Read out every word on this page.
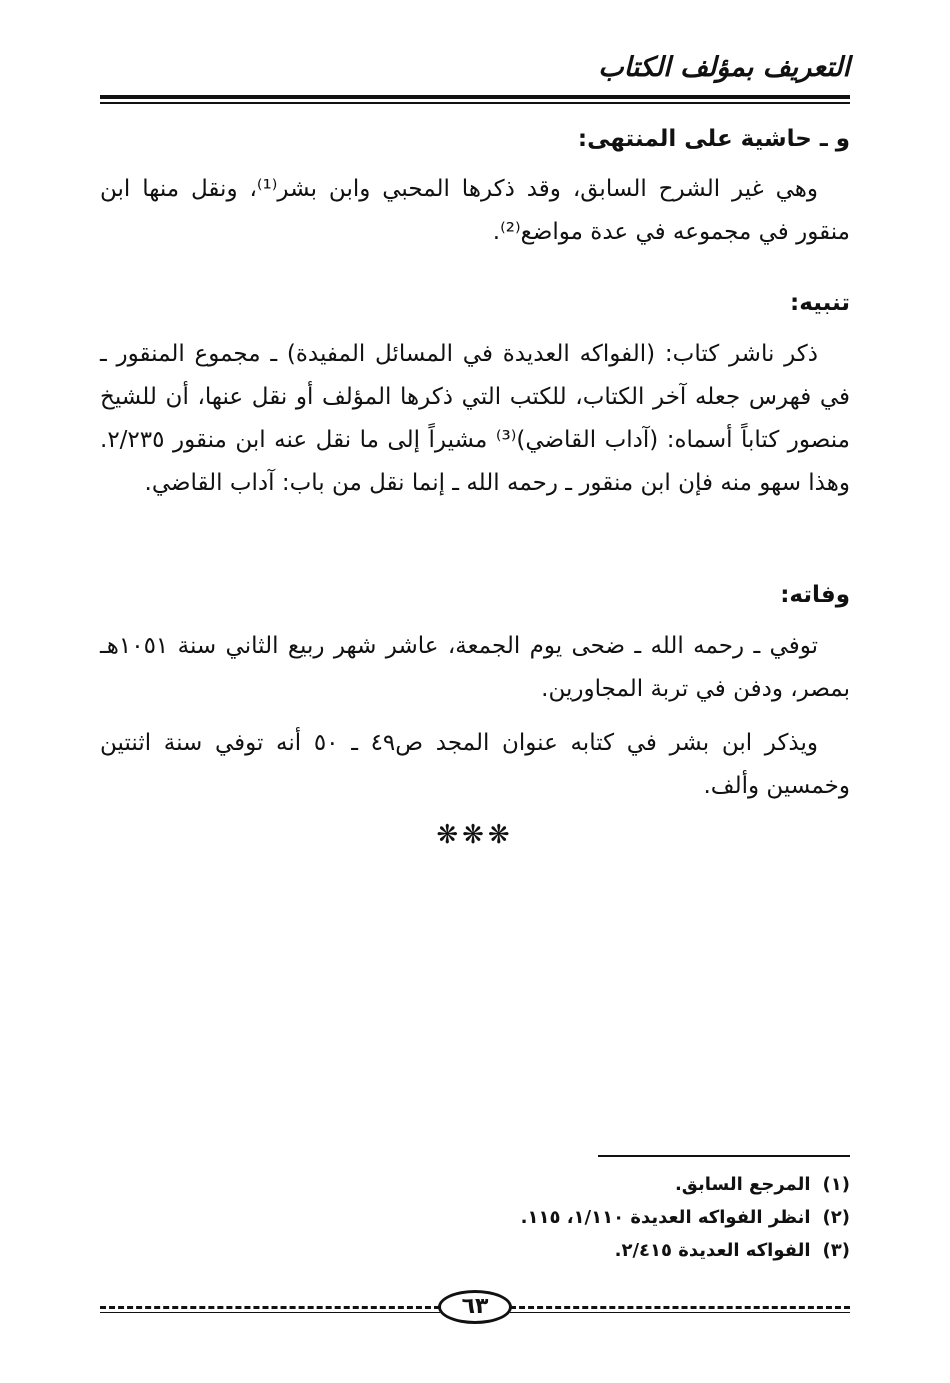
التعريف بمؤلف الكتاب
و ـ حاشية على المنتهى:
وهي غير الشرح السابق، وقد ذكرها المحبي وابن بشر⁽¹⁾، ونقل منها ابن منقور في مجموعه في عدة مواضع⁽²⁾.
تنبيه:
ذكر ناشر كتاب: (الفواكه العديدة في المسائل المفيدة) ـ مجموع المنقور ـ في فهرس جعله آخر الكتاب، للكتب التي ذكرها المؤلف أو نقل عنها، أن للشيخ منصور كتاباً أسماه: (آداب القاضي)⁽³⁾ مشيراً إلى ما نقل عنه ابن منقور ٢/٢٣٥. وهذا سهو منه فإن ابن منقور ـ رحمه الله ـ إنما نقل من باب: آداب القاضي.
وفاته:
توفي ـ رحمه الله ـ ضحى يوم الجمعة، عاشر شهر ربيع الثاني سنة ١٠٥١هـ بمصر، ودفن في تربة المجاورين.
ويذكر ابن بشر في كتابه عنوان المجد ص٤٩ ـ ٥٠ أنه توفي سنة اثنتين وخمسين وألف.
❋❋❋
(١)المرجع السابق.
(٢)انظر الفواكه العديدة ١/١١٠، ١١٥.
(٣)الفواكه العديدة ٢/٤١٥.
٦٣
